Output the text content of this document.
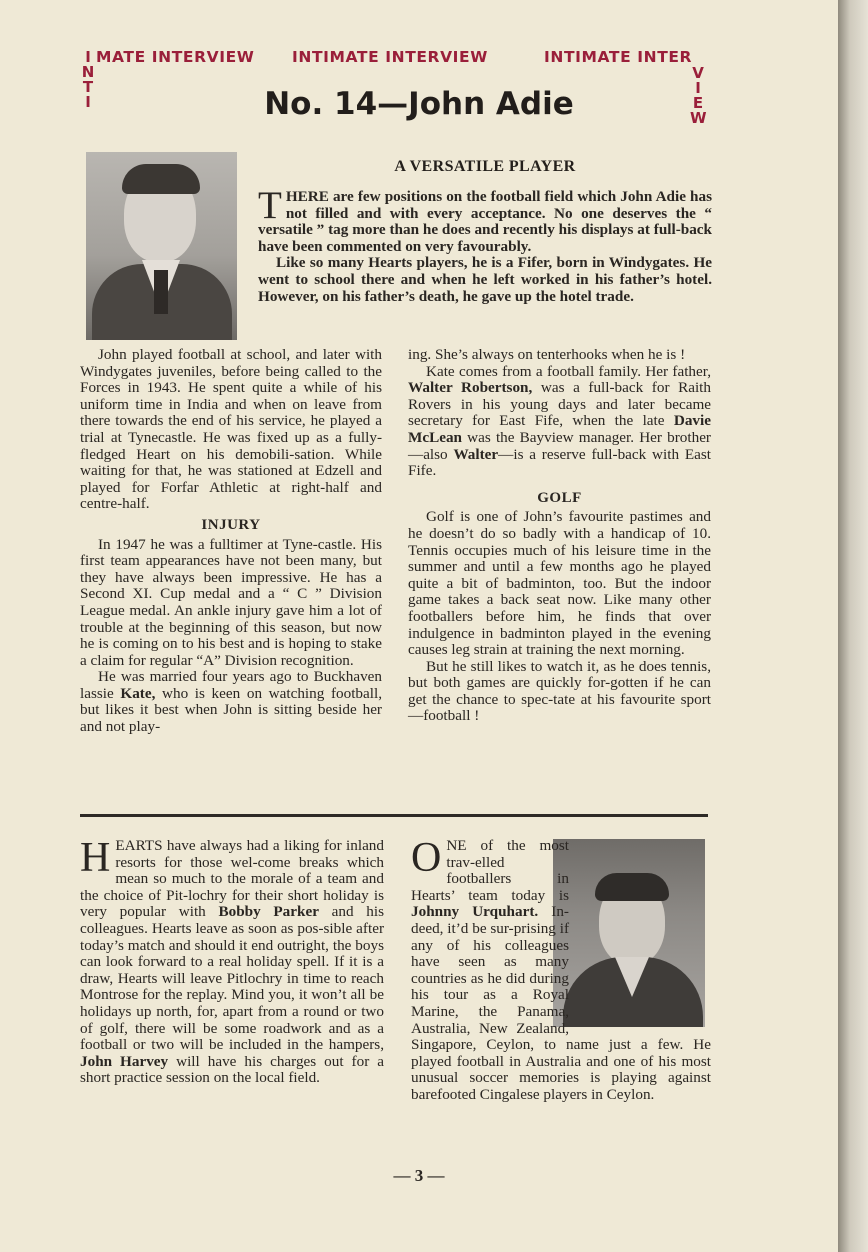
MATE INTERVIEW INTIMATE INTERVIEW	INTIMATE INTER
I
N
T
I
V
I
E
W
No. 14—John Adie
A VERSATILE PLAYER

THERE are few positions on the football field which John Adie has not filled and with every acceptance. No one deserves the “ versatile ” tag more than he does and recently his displays at full-back have been commented on very favourably.

Like so many Hearts players, he is a Fifer, born in Windygates. He went to school there and when he left worked in his father’s hotel. However, on his father’s death, he gave up the hotel trade.

John played football at school, and later with Windygates juveniles, before being called to the Forces in 1943. He spent quite a while of his uniform time in India and when on leave from there towards the end of his service, he played a trial at Tynecastle. He was fixed up as a fully-fledged Heart on his demobili-sation. While waiting for that, he was stationed at Edzell and played for Forfar Athletic at right-half and centre-half.

INJURY

In 1947 he was a fulltimer at Tyne-castle. His first team appearances have not been many, but they have always been impressive. He has a Second XI. Cup medal and a “ C ” Division League medal. An ankle injury gave him a lot of trouble at the beginning of this season, but now he is coming on to his best and is hoping to stake a claim for regular “A” Division recognition.

He was married four years ago to Buckhaven lassie Kate, who is keen on watching football, but likes it best when John is sitting beside her and not play-

ing. She’s always on tenterhooks when he is !

Kate comes from a football family. Her father, Walter Robertson, was a full-back for Raith Rovers in his young days and later became secretary for East Fife, when the late Davie McLean was the Bayview manager. Her brother—also Walter—is a reserve full-back with East Fife.

GOLF

Golf is one of John’s favourite pastimes and he doesn’t do so badly with a handicap of 10. Tennis occupies much of his leisure time in the summer and until a few months ago he played quite a bit of badminton, too. But the indoor game takes a back seat now. Like many other footballers before him, he finds that over indulgence in badminton played in the evening causes leg strain at training the next morning.

But he still likes to watch it, as he does tennis, but both games are quickly for-gotten if he can get the chance to spec-tate at his favourite sport—football !

HEARTS have always had a liking for inland resorts for those wel-come breaks which mean so much to the morale of a team and the choice of Pit-lochry for their short holiday is very popular with Bobby Parker and his colleagues. Hearts leave as soon as pos-sible after today’s match and should it end outright, the boys can look forward to a real holiday spell. If it is a draw, Hearts will leave Pitlochry in time to reach Montrose for the replay. Mind you, it won’t all be holidays up north, for, apart from a round or two of golf, there will be some roadwork and as a football or two will be included in the hampers, John Harvey will have his charges out for a short practice session on the local field.

ONE of the most trav-elled footballers in Hearts’ team today is Johnny Urquhart. In-deed, it’d be sur-prising if any of his colleagues have seen as many countries as he did during his tour as a Royal Marine, the Panama, Australia, New Zealand, Singapore, Ceylon, to name just a few. He played football in Australia and one of his most unusual soccer memories is playing against barefooted Cingalese players in Ceylon.

— 3 —
